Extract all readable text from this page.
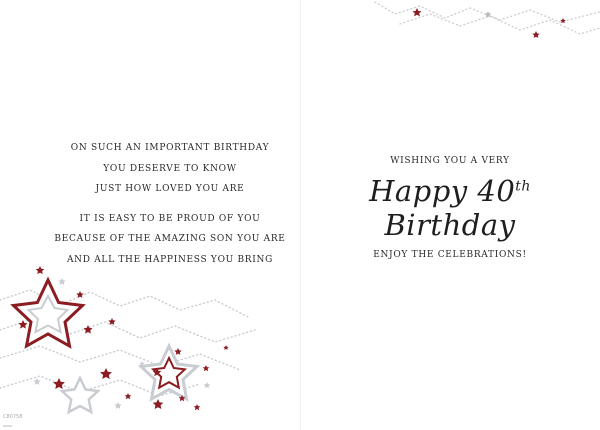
ON SUCH AN IMPORTANT BIRTHDAY

YOU DESERVE TO KNOW

JUST HOW LOVED YOU ARE

IT IS EASY TO BE PROUD OF YOU

BECAUSE OF THE AMAZING SON YOU ARE

AND ALL THE HAPPINESS YOU BRING

WISHING YOU A VERY
Happy 40th Birthday
ENJOY THE CELEBRATIONS!
C80758
